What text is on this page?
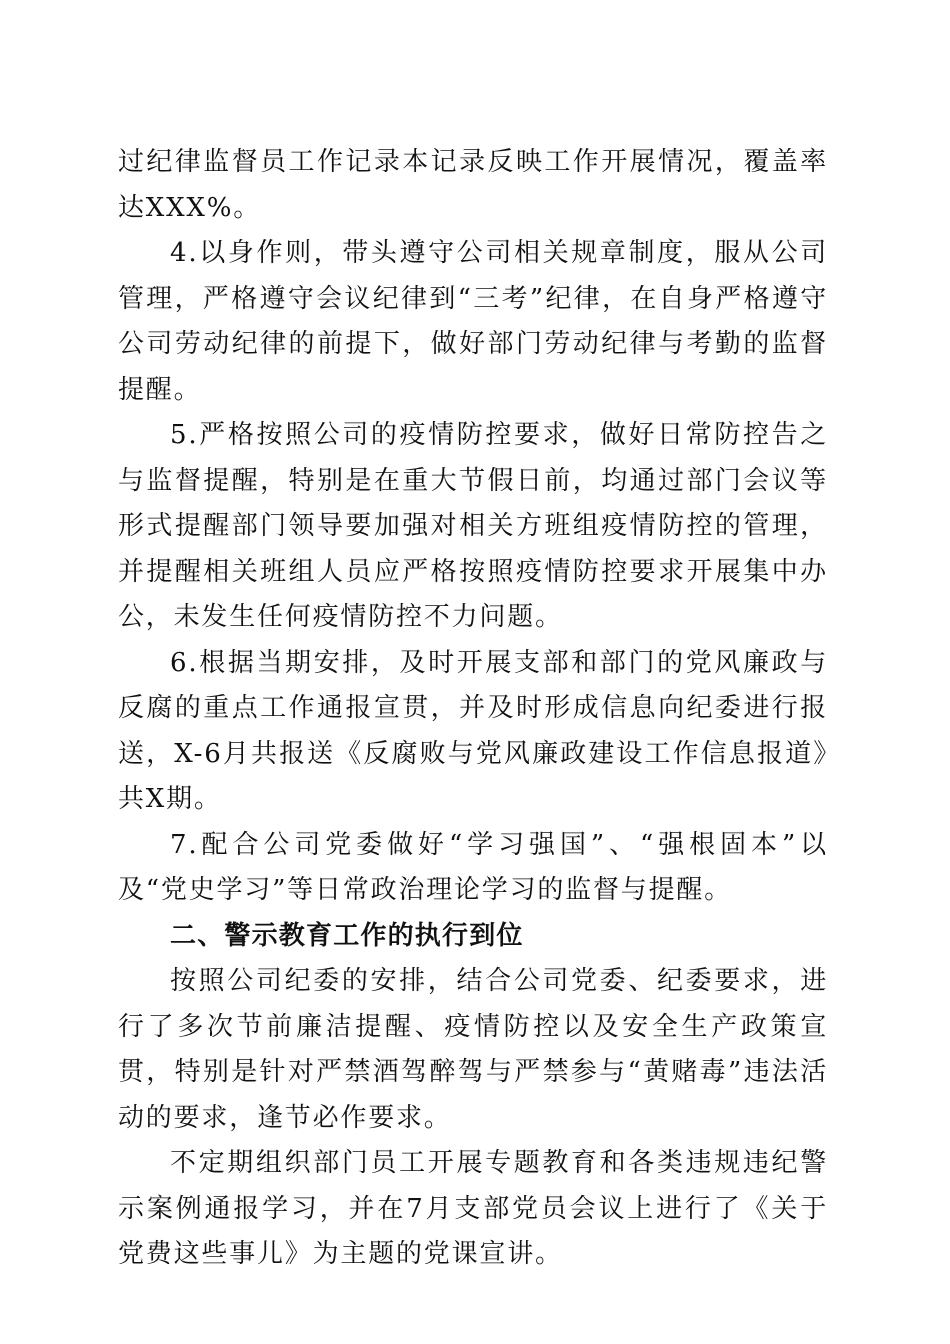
过纪律监督员工作记录本记录反映工作开展情况，覆盖率达XXX%。

4.以身作则，带头遵守公司相关规章制度，服从公司管理，严格遵守会议纪律到“三考”纪律，在自身严格遵守公司劳动纪律的前提下，做好部门劳动纪律与考勤的监督提醒。

5.严格按照公司的疫情防控要求，做好日常防控告之与监督提醒，特别是在重大节假日前，均通过部门会议等形式提醒部门领导要加强对相关方班组疫情防控的管理，并提醒相关班组人员应严格按照疫情防控要求开展集中办公，未发生任何疫情防控不力问题。

6.根据当期安排，及时开展支部和部门的党风廉政与反腐的重点工作通报宣贯，并及时形成信息向纪委进行报送，X-6月共报送《反腐败与党风廉政建设工作信息报道》共X期。

7.配合公司党委做好“学习强国”、“强根固本”以及“党史学习”等日常政治理论学习的监督与提醒。

二、警示教育工作的执行到位

按照公司纪委的安排，结合公司党委、纪委要求，进行了多次节前廉洁提醒、疫情防控以及安全生产政策宣贯，特别是针对严禁酒驾醉驾与严禁参与“黄赌毒”违法活动的要求，逢节必作要求。

不定期组织部门员工开展专题教育和各类违规违纪警示案例通报学习，并在7月支部党员会议上进行了《关于党费这些事儿》为主题的党课宣讲。
